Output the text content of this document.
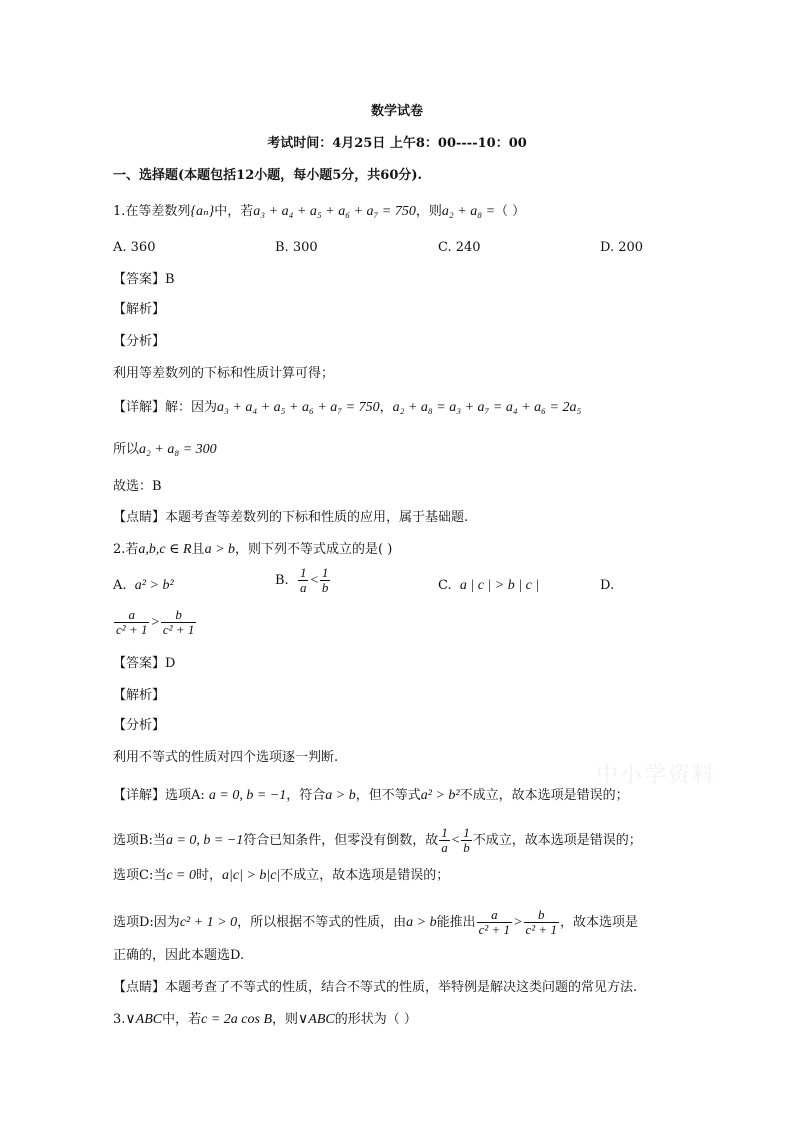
数学试卷
考试时间：4月25日 上午8：00----10：00
一、选择题(本题包括12小题，每小题5分，共60分).
1.在等差数列{aₙ}中，若a₃ + a₄ + a₅ + a₆ + a₇ = 750，则a₂ + a₈ =（ ）
A. 360	B. 300	C. 240	D. 200
【答案】B
【解析】
【分析】
利用等差数列的下标和性质计算可得；
【详解】解：因为a₃ + a₄ + a₅ + a₆ + a₇ = 750，a₂ + a₈ = a₃ + a₇ = a₄ + a₆ = 2a₅
所以a₂ + a₈ = 300
故选：B
【点睛】本题考查等差数列的下标和性质的应用，属于基础题.
2.若a,b,c ∈ R且a > b，则下列不等式成立的是( )
A. a² > b²	B. $\frac{1}{a} < \frac{1}{b}$	C. a | c | > b | c |	D.
$\frac{a}{\text{c² + 1}} > \frac{b}{\text{c² + 1}}$
【答案】D
【解析】
【分析】
利用不等式的性质对四个选项逐一判断.
【详解】选项A: a = 0, b = −1，符合a > b，但不等式a² > b²不成立，故本选项是错误的；
选项B:当a = 0, b = −1符合已知条件，但零没有倒数，故 $\frac{1}{a} < \frac{1}{b}$ 不成立，故本选项是错误的；
选项C:当c = 0时，a|c| > b|c|不成立，故本选项是错误的；
选项D:因为c² + 1 > 0，所以根据不等式的性质，由a > b能推出 $\frac{a}{\text{c² + 1}} > \frac{b}{\text{c² + 1}}$ ，故本选项是
正确的，因此本题选D.
【点睛】本题考查了不等式的性质，结合不等式的性质，举特例是解决这类问题的常见方法.
3.∨ABC中，若c = 2a cos B，则∨ABC的形状为（ ）
中小学资料
